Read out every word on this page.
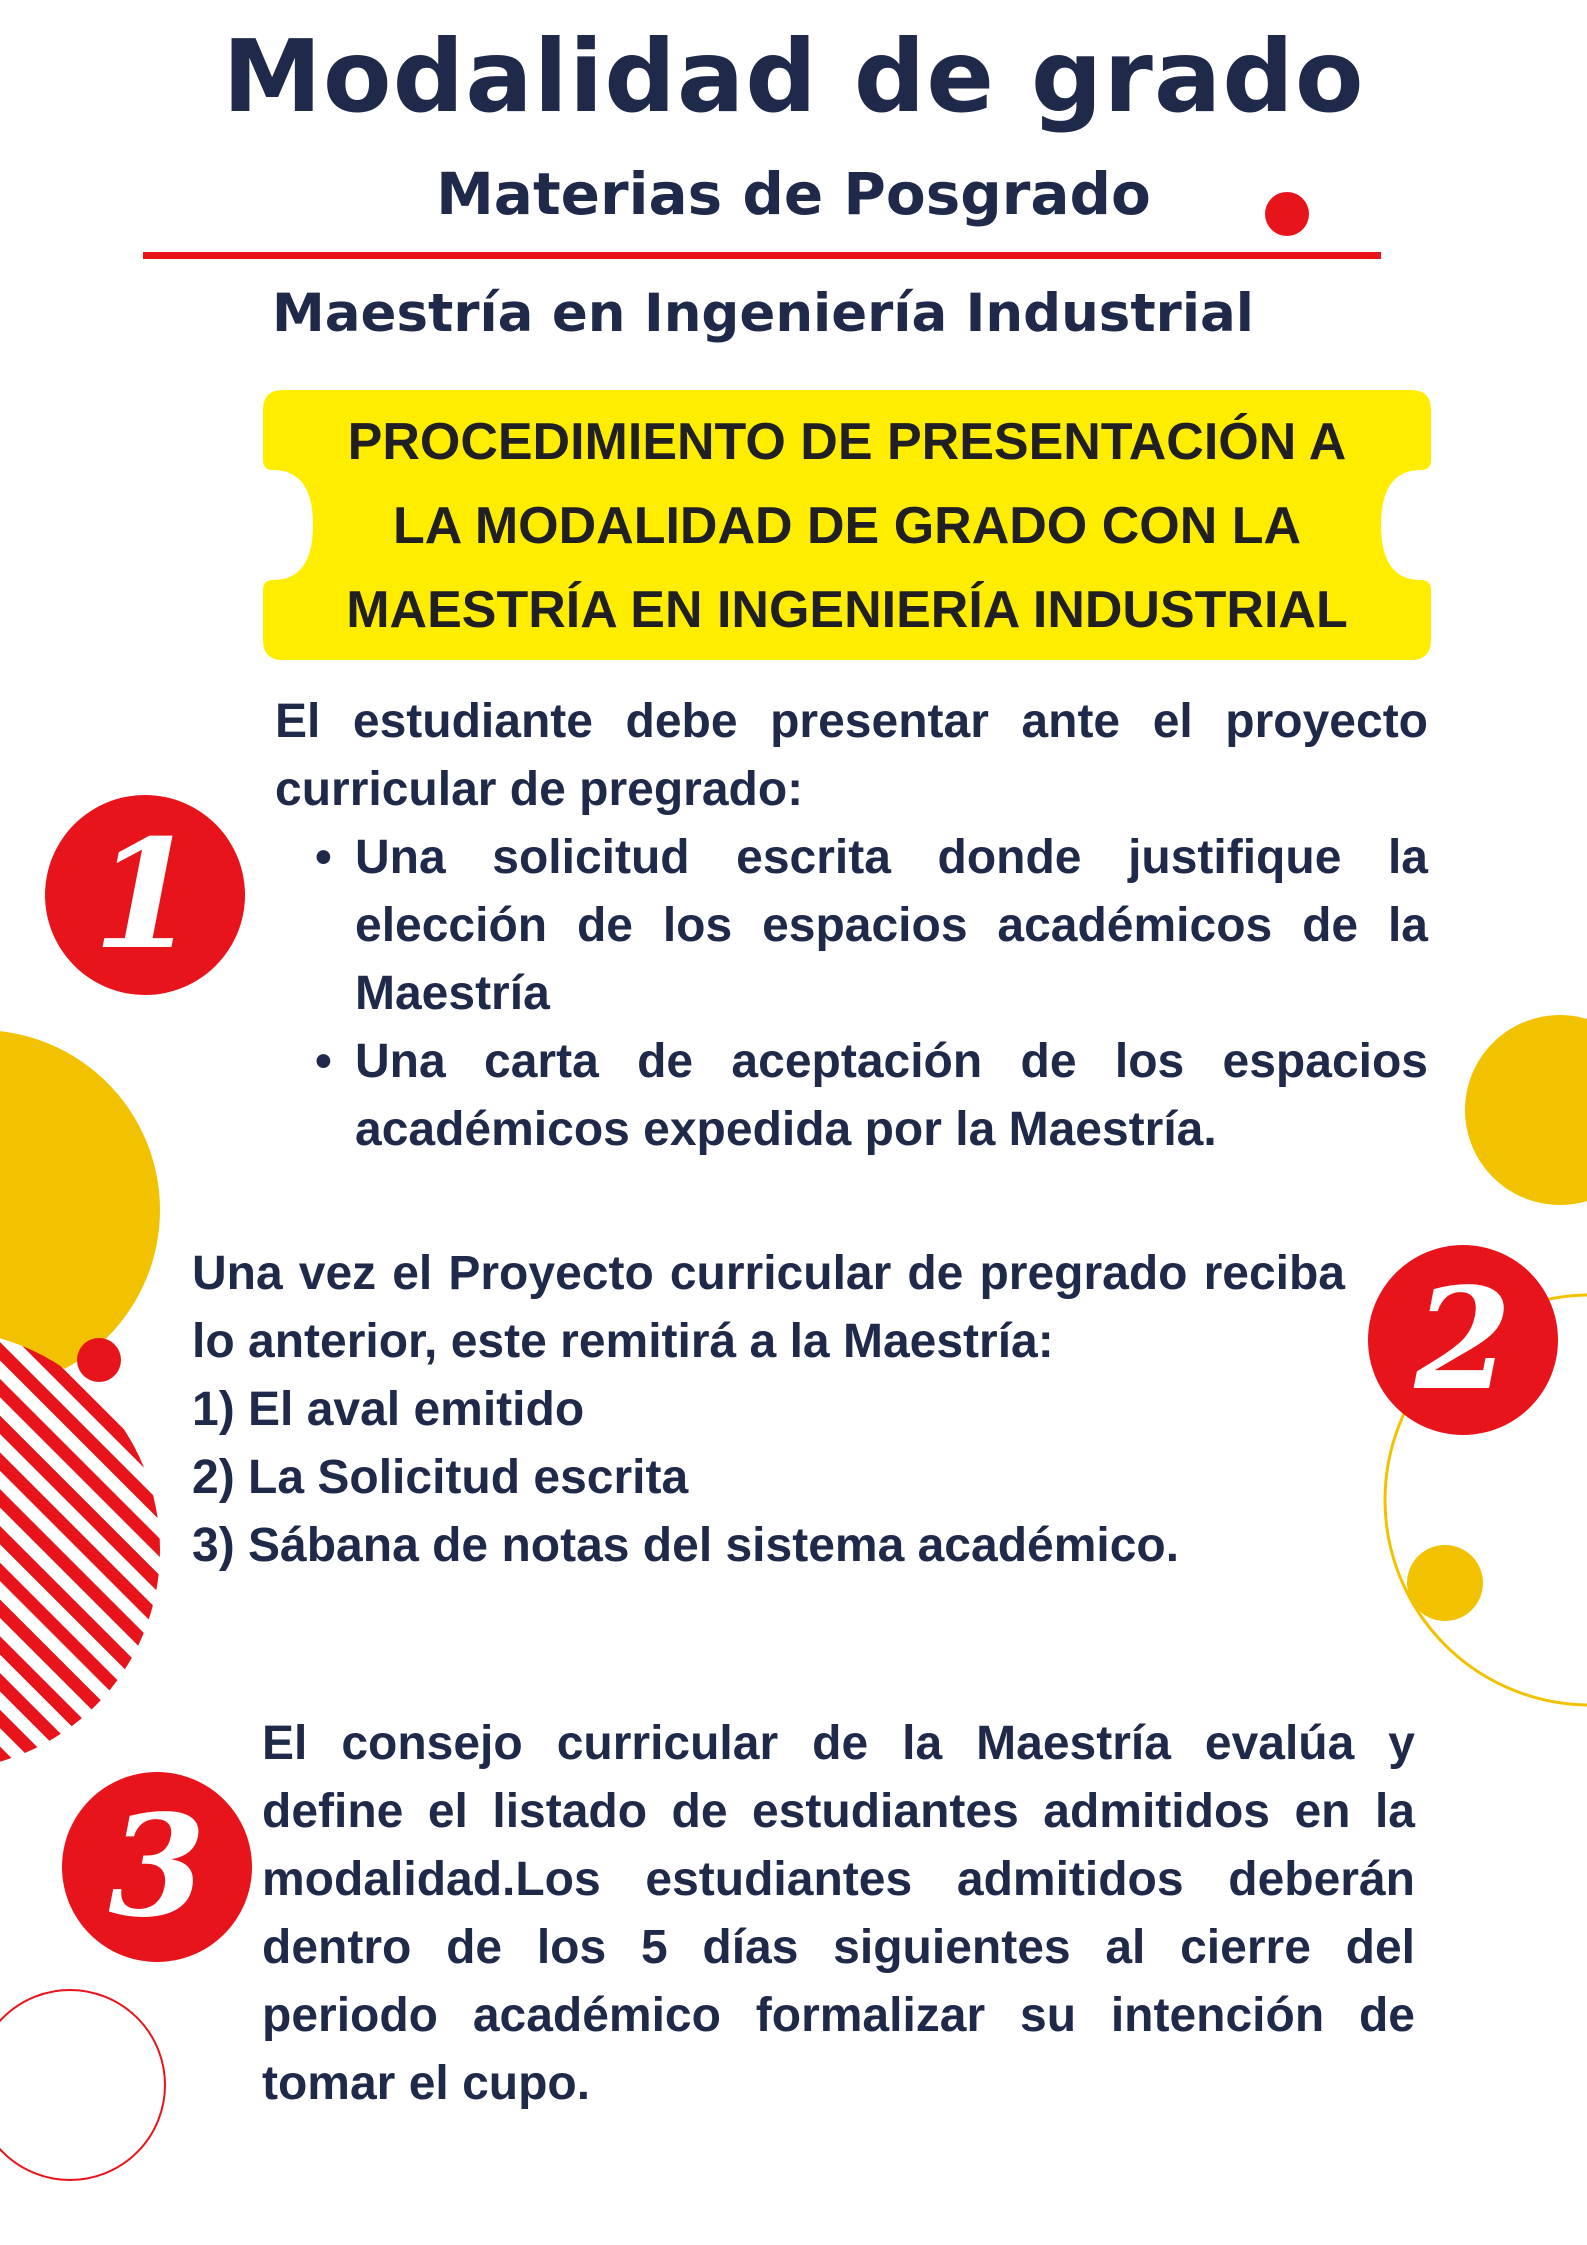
Modalidad de grado
Materias de Posgrado
Maestría en Ingeniería Industrial
PROCEDIMIENTO DE PRESENTACIÓN A
LA MODALIDAD DE GRADO CON LA
MAESTRÍA EN INGENIERÍA INDUSTRIAL
1
El estudiante debe presentar ante el proyecto curricular de pregrado:
• Una solicitud escrita donde justifique la elección de los espacios académicos de la Maestría
• Una carta de aceptación de los espacios académicos expedida por la Maestría.
2
Una vez el Proyecto curricular de pregrado reciba lo anterior, este remitirá a la Maestría:
1) El aval emitido
2) La Solicitud escrita
3) Sábana de notas del sistema académico.
3
El consejo curricular de la Maestría evalúa y define el listado de estudiantes admitidos en la modalidad.Los estudiantes admitidos deberán dentro de los 5 días siguientes al cierre del periodo académico formalizar su intención de tomar el cupo.
